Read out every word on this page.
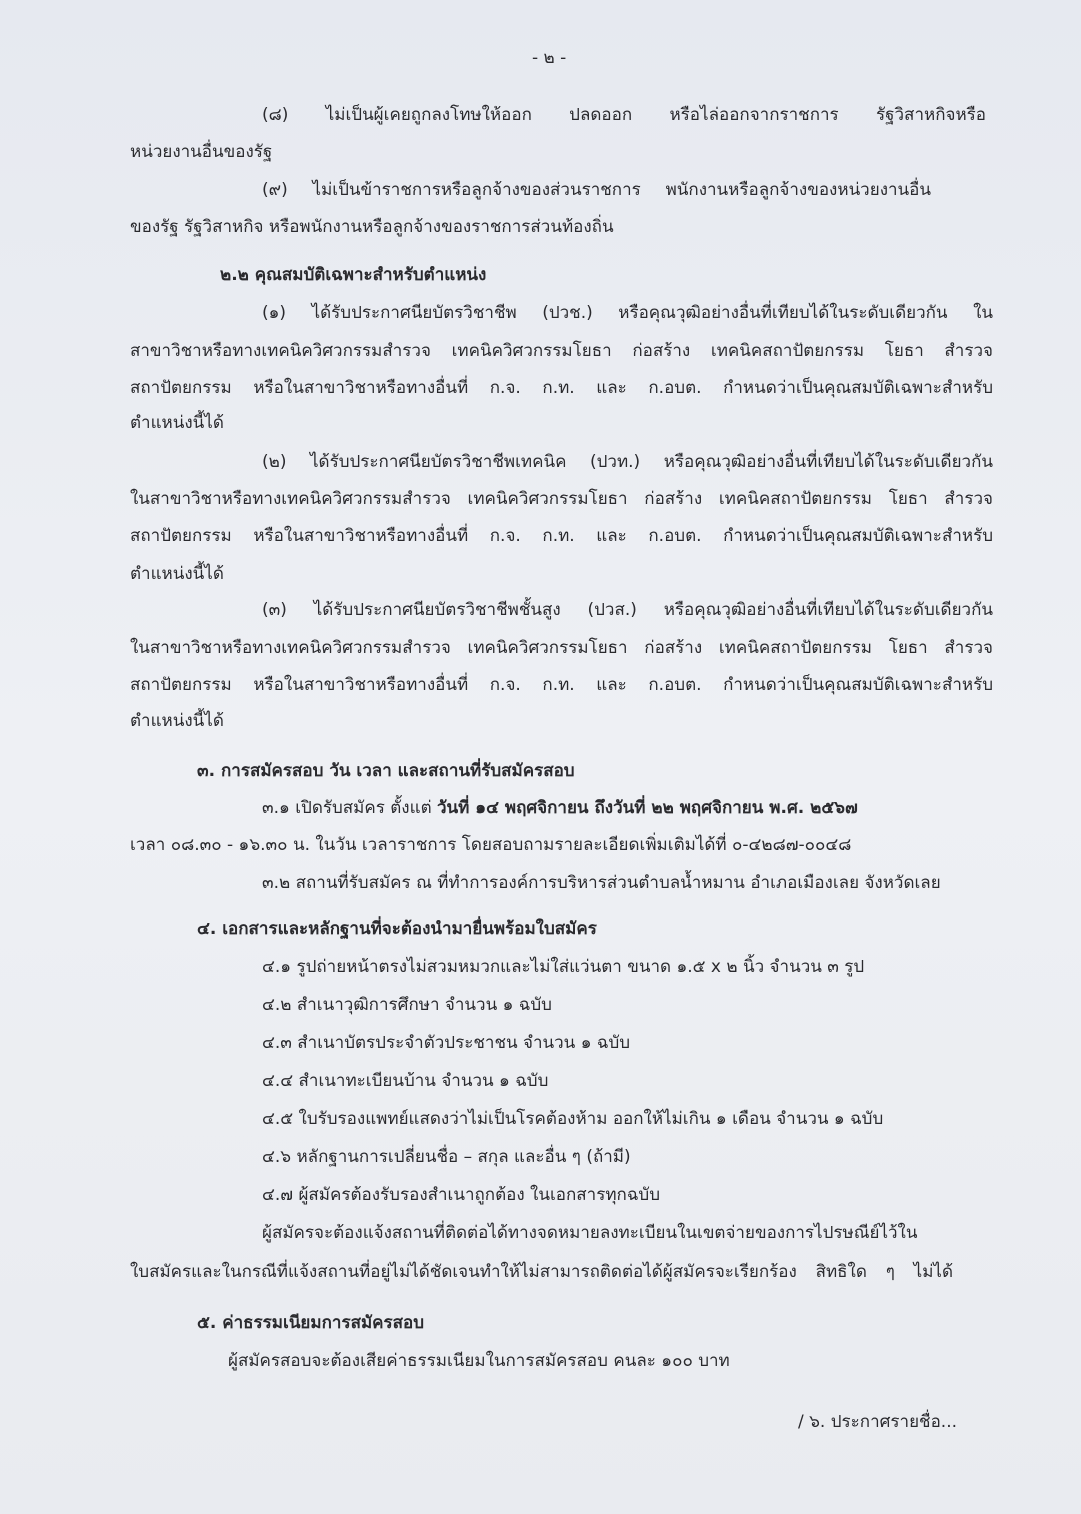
- ๒ -
(๘) ไม่เป็นผู้เคยถูกลงโทษให้ออก ปลดออก หรือไล่ออกจากราชการ รัฐวิสาหกิจหรือ
หน่วยงานอื่นของรัฐ
(๙) ไม่เป็นข้าราชการหรือลูกจ้างของส่วนราชการ พนักงานหรือลูกจ้างของหน่วยงานอื่น
ของรัฐ รัฐวิสาหกิจ หรือพนักงานหรือลูกจ้างของราชการส่วนท้องถิ่น
๒.๒ คุณสมบัติเฉพาะสำหรับตำแหน่ง
(๑) ได้รับประกาศนียบัตรวิชาชีพ (ปวช.) หรือคุณวุฒิอย่างอื่นที่เทียบได้ในระดับเดียวกัน ใน
สาขาวิชาหรือทางเทคนิควิศวกรรมสำรวจ เทคนิควิศวกรรมโยธา ก่อสร้าง เทคนิคสถาปัตยกรรม โยธา สำรวจ
สถาปัตยกรรม หรือในสาขาวิชาหรือทางอื่นที่ ก.จ. ก.ท. และ ก.อบต. กำหนดว่าเป็นคุณสมบัติเฉพาะสำหรับ
ตำแหน่งนี้ได้
(๒) ได้รับประกาศนียบัตรวิชาชีพเทคนิค (ปวท.) หรือคุณวุฒิอย่างอื่นที่เทียบได้ในระดับเดียวกัน
ในสาขาวิชาหรือทางเทคนิควิศวกรรมสำรวจ เทคนิควิศวกรรมโยธา ก่อสร้าง เทคนิคสถาปัตยกรรม โยธา สำรวจ
สถาปัตยกรรม หรือในสาขาวิชาหรือทางอื่นที่ ก.จ. ก.ท. และ ก.อบต. กำหนดว่าเป็นคุณสมบัติเฉพาะสำหรับ
ตำแหน่งนี้ได้
(๓) ได้รับประกาศนียบัตรวิชาชีพชั้นสูง (ปวส.) หรือคุณวุฒิอย่างอื่นที่เทียบได้ในระดับเดียวกัน
ในสาขาวิชาหรือทางเทคนิควิศวกรรมสำรวจ เทคนิควิศวกรรมโยธา ก่อสร้าง เทคนิคสถาปัตยกรรม โยธา สำรวจ
สถาปัตยกรรม หรือในสาขาวิชาหรือทางอื่นที่ ก.จ. ก.ท. และ ก.อบต. กำหนดว่าเป็นคุณสมบัติเฉพาะสำหรับ
ตำแหน่งนี้ได้
๓. การสมัครสอบ วัน เวลา และสถานที่รับสมัครสอบ
๓.๑ เปิดรับสมัคร ตั้งแต่ วันที่ ๑๔ พฤศจิกายน ถึงวันที่ ๒๒ พฤศจิกายน พ.ศ. ๒๕๖๗
เวลา ๐๘.๓๐ - ๑๖.๓๐ น. ในวัน เวลาราชการ โดยสอบถามรายละเอียดเพิ่มเติมได้ที่ ๐-๔๒๘๗-๐๐๔๘
๓.๒ สถานที่รับสมัคร ณ ที่ทำการองค์การบริหารส่วนตำบลน้ำหมาน อำเภอเมืองเลย จังหวัดเลย
๔. เอกสารและหลักฐานที่จะต้องนำมายื่นพร้อมใบสมัคร
๔.๑ รูปถ่ายหน้าตรงไม่สวมหมวกและไม่ใส่แว่นตา ขนาด ๑.๕ x ๒ นิ้ว จำนวน ๓ รูป
๔.๒ สำเนาวุฒิการศึกษา จำนวน ๑ ฉบับ
๔.๓ สำเนาบัตรประจำตัวประชาชน จำนวน ๑ ฉบับ
๔.๔ สำเนาทะเบียนบ้าน จำนวน ๑ ฉบับ
๔.๕ ใบรับรองแพทย์แสดงว่าไม่เป็นโรคต้องห้าม ออกให้ไม่เกิน ๑ เดือน จำนวน ๑ ฉบับ
๔.๖ หลักฐานการเปลี่ยนชื่อ – สกุล และอื่น ๆ (ถ้ามี)
๔.๗ ผู้สมัครต้องรับรองสำเนาถูกต้อง ในเอกสารทุกฉบับ
ผู้สมัครจะต้องแจ้งสถานที่ติดต่อได้ทางจดหมายลงทะเบียนในเขตจ่ายของการไปรษณีย์ไว้ใน
ใบสมัครและในกรณีที่แจ้งสถานที่อยู่ไม่ได้ชัดเจนทำให้ไม่สามารถติดต่อได้ผู้สมัครจะเรียกร้อง สิทธิใด ๆ ไม่ได้
๕. ค่าธรรมเนียมการสมัครสอบ
ผู้สมัครสอบจะต้องเสียค่าธรรมเนียมในการสมัครสอบ คนละ ๑๐๐ บาท
/ ๖. ประกาศรายชื่อ...
